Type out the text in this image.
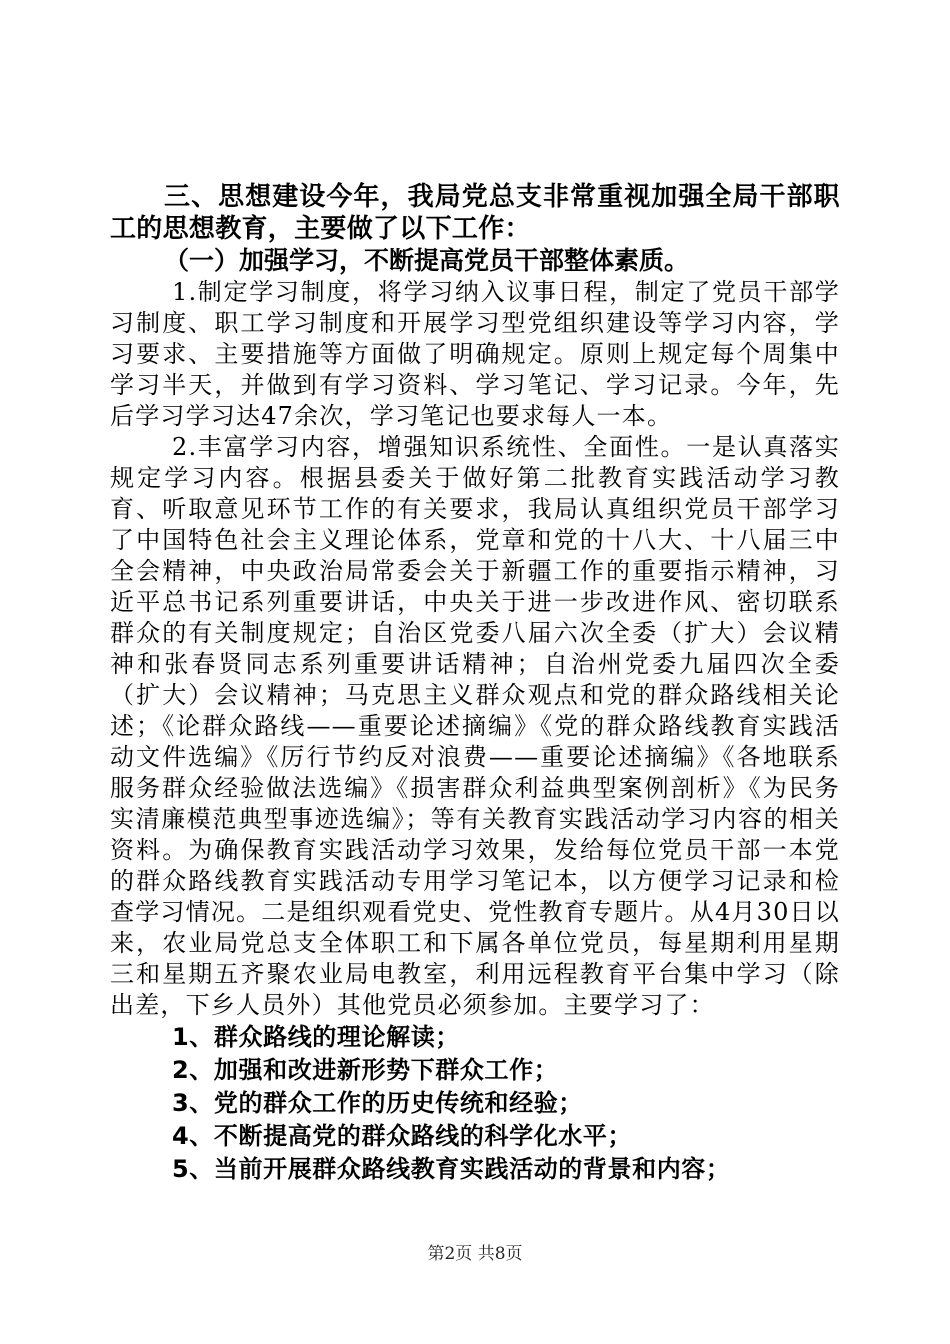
三、思想建设今年，我局党总支非常重视加强全局干部职工的思想教育，主要做了以下工作：

（一）加强学习，不断提高党员干部整体素质。

1.制定学习制度，将学习纳入议事日程，制定了党员干部学习制度、职工学习制度和开展学习型党组织建设等学习内容，学习要求、主要措施等方面做了明确规定。原则上规定每个周集中学习半天，并做到有学习资料、学习笔记、学习记录。今年，先后学习学习达47余次，学习笔记也要求每人一本。

2.丰富学习内容，增强知识系统性、全面性。一是认真落实规定学习内容。根据县委关于做好第二批教育实践活动学习教育、听取意见环节工作的有关要求，我局认真组织党员干部学习了中国特色社会主义理论体系，党章和党的十八大、十八届三中全会精神，中央政治局常委会关于新疆工作的重要指示精神，习近平总书记系列重要讲话，中央关于进一步改进作风、密切联系群众的有关制度规定；自治区党委八届六次全委（扩大）会议精神和张春贤同志系列重要讲话精神；自治州党委九届四次全委（扩大）会议精神；马克思主义群众观点和党的群众路线相关论述；《论群众路线——重要论述摘编》《党的群众路线教育实践活动文件选编》《厉行节约反对浪费——重要论述摘编》《各地联系服务群众经验做法选编》《损害群众利益典型案例剖析》《为民务实清廉模范典型事迹选编》；等有关教育实践活动学习内容的相关资料。为确保教育实践活动学习效果，发给每位党员干部一本党的群众路线教育实践活动专用学习笔记本，以方便学习记录和检查学习情况。二是组织观看党史、党性教育专题片。从4月30日以来，农业局党总支全体职工和下属各单位党员，每星期利用星期三和星期五齐聚农业局电教室，利用远程教育平台集中学习（除出差，下乡人员外）其他党员必须参加。主要学习了：

1、群众路线的理论解读；
2、加强和改进新形势下群众工作；
3、党的群众工作的历史传统和经验；
4、不断提高党的群众路线的科学化水平；
5、当前开展群众路线教育实践活动的背景和内容；
第2页 共8页
